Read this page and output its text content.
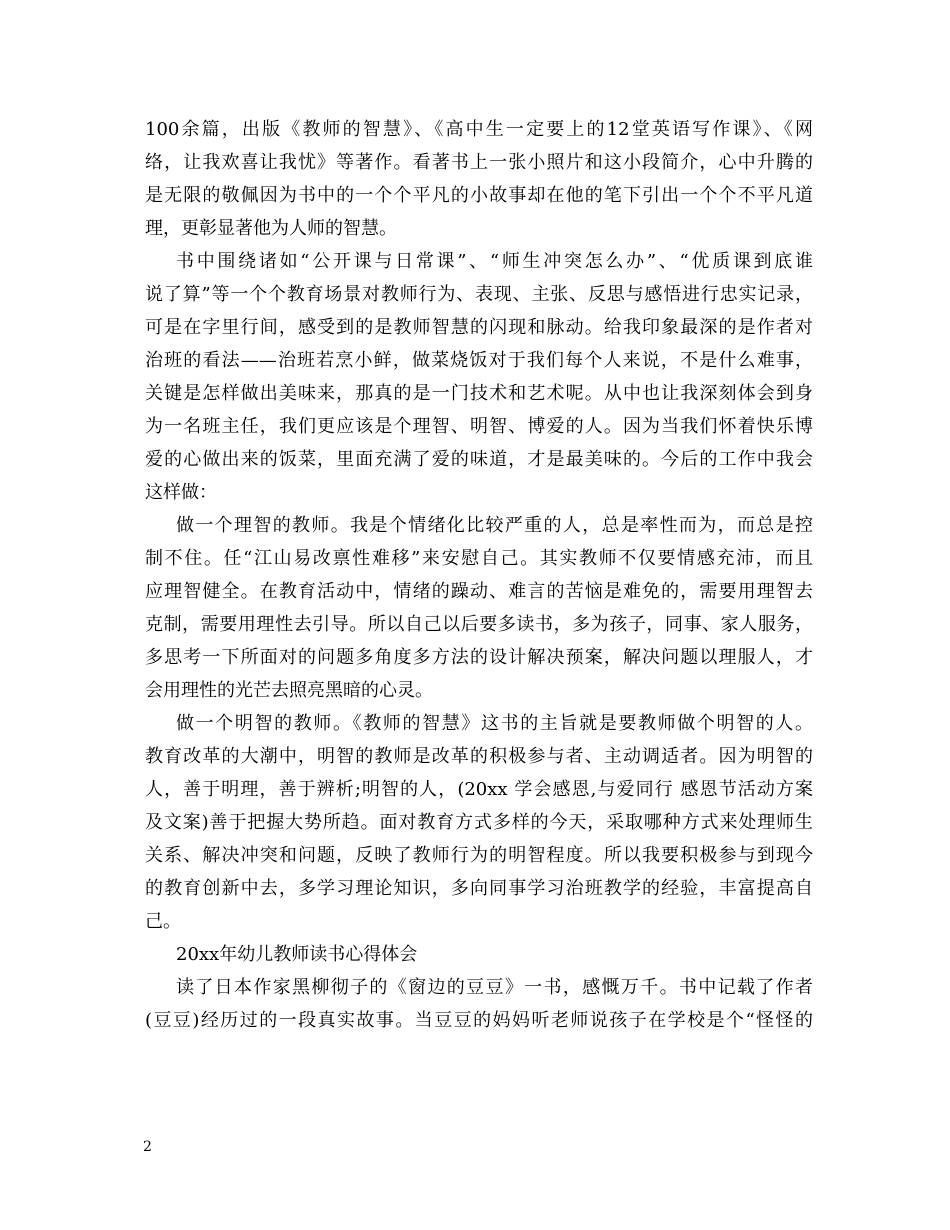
100余篇，出版《教师的智慧》、《高中生一定要上的12堂英语写作课》、《网
络，让我欢喜让我忧》等著作。看著书上一张小照片和这小段简介，心中升腾的
是无限的敬佩因为书中的一个个平凡的小故事却在他的笔下引出一个个不平凡道
理，更彰显著他为人师的智慧。
书中围绕诸如“公开课与日常课”、“师生冲突怎么办”、“优质课到底谁
说了算”等一个个教育场景对教师行为、表现、主张、反思与感悟进行忠实记录，
可是在字里行间，感受到的是教师智慧的闪现和脉动。给我印象最深的是作者对
治班的看法——治班若烹小鲜，做菜烧饭对于我们每个人来说，不是什么难事，
关键是怎样做出美味来，那真的是一门技术和艺术呢。从中也让我深刻体会到身
为一名班主任，我们更应该是个理智、明智、博爱的人。因为当我们怀着快乐博
爱的心做出来的饭菜，里面充满了爱的味道，才是最美味的。今后的工作中我会
这样做：
做一个理智的教师。我是个情绪化比较严重的人，总是率性而为，而总是控
制不住。任“江山易改禀性难移”来安慰自己。其实教师不仅要情感充沛，而且
应理智健全。在教育活动中，情绪的躁动、难言的苦恼是难免的，需要用理智去
克制，需要用理性去引导。所以自己以后要多读书，多为孩子，同事、家人服务，
多思考一下所面对的问题多角度多方法的设计解决预案，解决问题以理服人，才
会用理性的光芒去照亮黑暗的心灵。
做一个明智的教师。《教师的智慧》这书的主旨就是要教师做个明智的人。
教育改革的大潮中，明智的教师是改革的积极参与者、主动调适者。因为明智的
人，善于明理，善于辨析;明智的人，(20xx 学会感恩,与爱同行 感恩节活动方案
及文案)善于把握大势所趋。面对教育方式多样的今天，采取哪种方式来处理师生
关系、解决冲突和问题，反映了教师行为的明智程度。所以我要积极参与到现今
的教育创新中去，多学习理论知识，多向同事学习治班教学的经验，丰富提高自
己。
20xx年幼儿教师读书心得体会
读了日本作家黑柳彻子的《窗边的豆豆》一书，感慨万千。书中记载了作者
(豆豆)经历过的一段真实故事。当豆豆的妈妈听老师说孩子在学校是个“怪怪的
2
